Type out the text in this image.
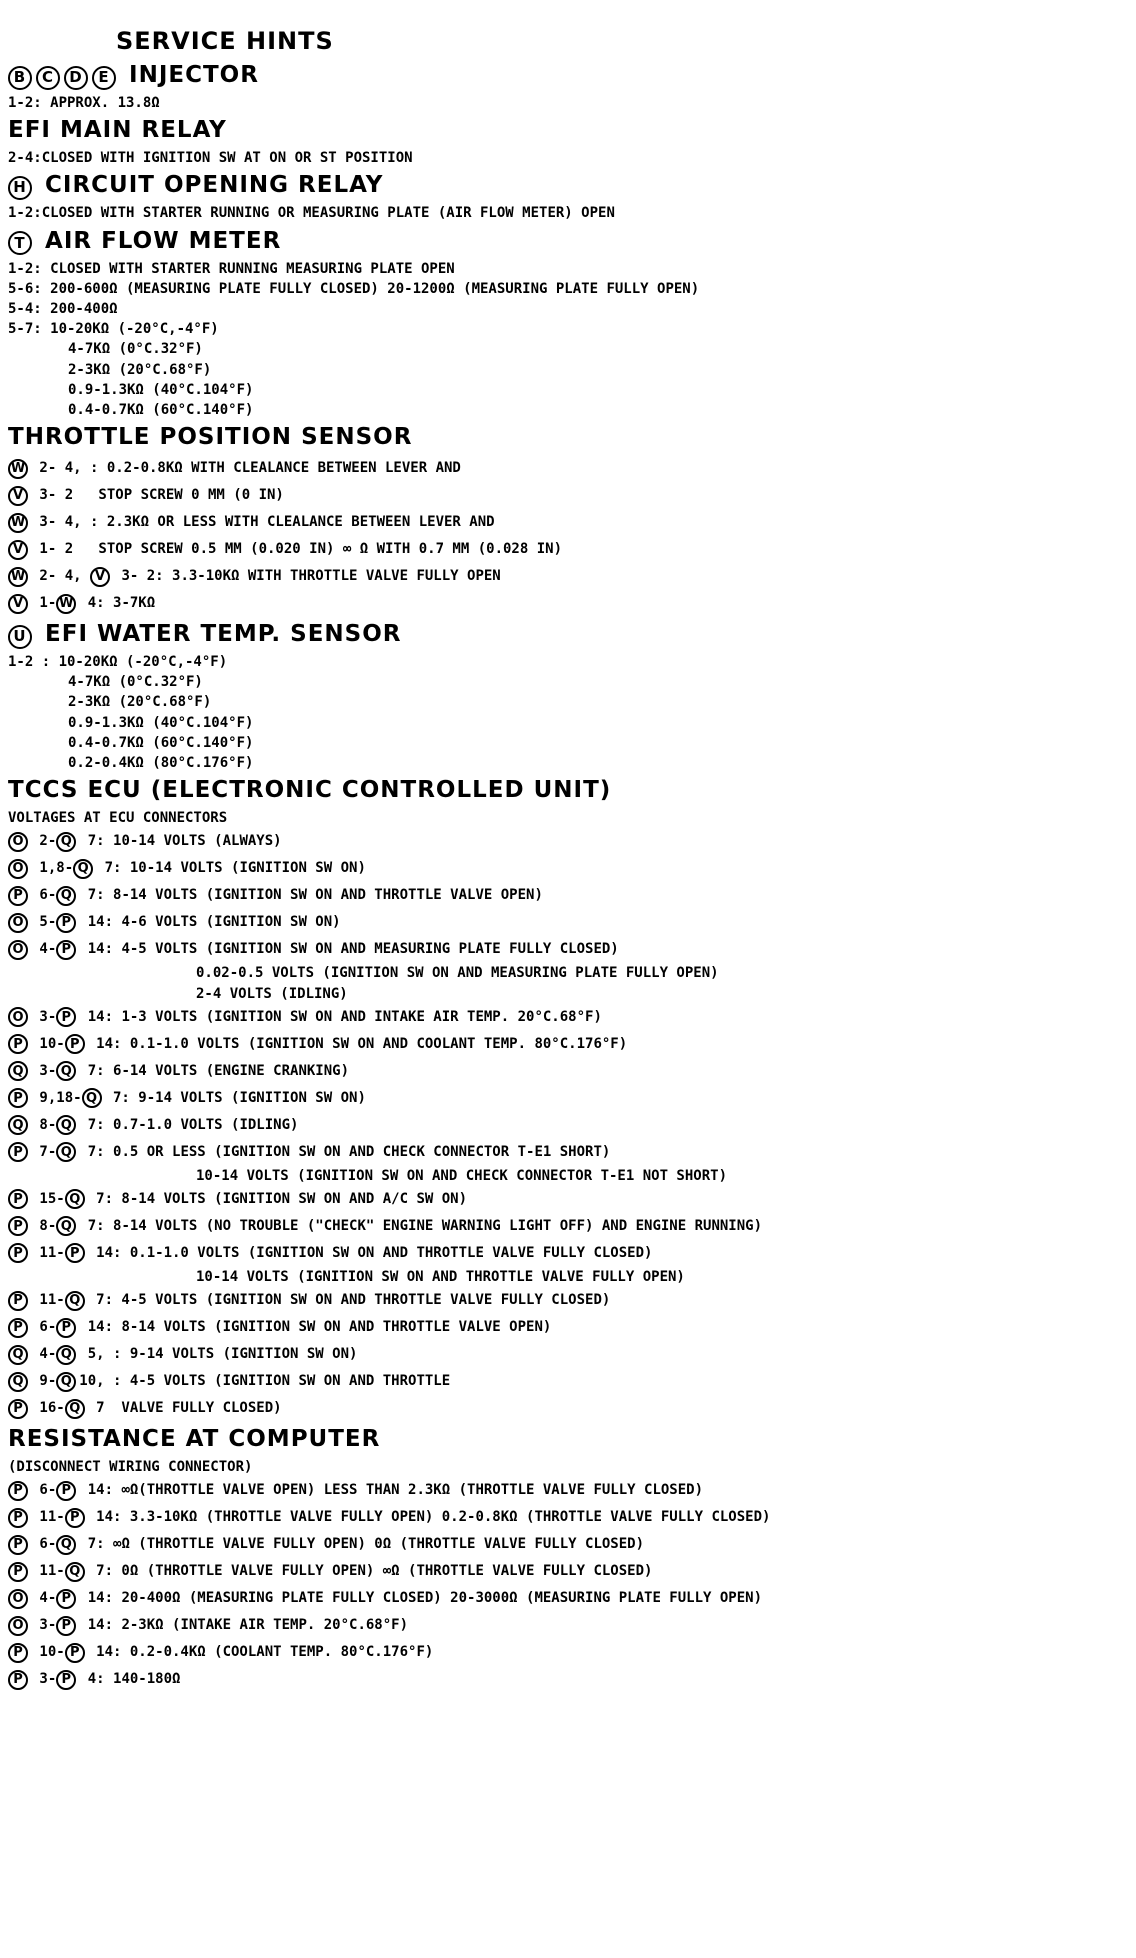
SERVICE HINTS
B C D E INJECTOR
1-2: APPROX. 13.8Ω
EFI MAIN RELAY
2-4:CLOSED WITH IGNITION SW AT ON OR ST POSITION
H CIRCUIT OPENING RELAY
1-2:CLOSED WITH STARTER RUNNING OR MEASURING PLATE (AIR FLOW METER) OPEN
T AIR FLOW METER
1-2: CLOSED WITH STARTER RUNNING MEASURING PLATE OPEN
5-6: 200-600Ω (MEASURING PLATE FULLY CLOSED) 20-1200Ω (MEASURING PLATE FULLY OPEN)
5-4: 200-400Ω
5-7: 10-20KΩ (-20°C,-4°F)
4-7KΩ (0°C.32°F)
2-3KΩ (20°C.68°F)
0.9-1.3KΩ (40°C.104°F)
0.4-0.7KΩ (60°C.140°F)
THROTTLE POSITION SENSOR
W 2- 4, : 0.2-0.8KΩ WITH CLEALANCE BETWEEN LEVER AND
V 3- 2   STOP SCREW 0 MM (0 IN)
W 3- 4, : 2.3KΩ OR LESS WITH CLEALANCE BETWEEN LEVER AND
V 1- 2   STOP SCREW 0.5 MM (0.020 IN) ∞ Ω WITH 0.7 MM (0.028 IN)
W 2- 4, V 3- 2: 3.3-10KΩ WITH THROTTLE VALVE FULLY OPEN
V 1- W 4: 3-7KΩ
U EFI WATER TEMP. SENSOR
1-2 : 10-20KΩ (-20°C,-4°F)
4-7KΩ (0°C.32°F)
2-3KΩ (20°C.68°F)
0.9-1.3KΩ (40°C.104°F)
0.4-0.7KΩ (60°C.140°F)
0.2-0.4KΩ (80°C.176°F)
TCCS ECU (ELECTRONIC CONTROLLED UNIT)
VOLTAGES AT ECU CONNECTORS
O 2- Q 7: 10-14 VOLTS (ALWAYS)
O 1,8- Q 7: 10-14 VOLTS (IGNITION SW ON)
P 6- Q 7: 8-14 VOLTS (IGNITION SW ON AND THROTTLE VALVE OPEN)
O 5- P 14: 4-6 VOLTS (IGNITION SW ON)
O 4- P 14: 4-5 VOLTS (IGNITION SW ON AND MEASURING PLATE FULLY CLOSED)
0.02-0.5 VOLTS (IGNITION SW ON AND MEASURING PLATE FULLY OPEN)
2-4 VOLTS (IDLING)
O 3- P 14: 1-3 VOLTS (IGNITION SW ON AND INTAKE AIR TEMP. 20°C.68°F)
P 10- P 14: 0.1-1.0 VOLTS (IGNITION SW ON AND COOLANT TEMP. 80°C.176°F)
Q 3- Q 7: 6-14 VOLTS (ENGINE CRANKING)
P 9,18- Q 7: 9-14 VOLTS (IGNITION SW ON)
Q 8- Q 7: 0.7-1.0 VOLTS (IDLING)
P 7- Q 7: 0.5 OR LESS (IGNITION SW ON AND CHECK CONNECTOR T-E1 SHORT)
10-14 VOLTS (IGNITION SW ON AND CHECK CONNECTOR T-E1 NOT SHORT)
P 15- Q 7: 8-14 VOLTS (IGNITION SW ON AND A/C SW ON)
P 8- Q 7: 8-14 VOLTS (NO TROUBLE ("CHECK" ENGINE WARNING LIGHT OFF) AND ENGINE RUNNING)
P 11- P 14: 0.1-1.0 VOLTS (IGNITION SW ON AND THROTTLE VALVE FULLY CLOSED)
10-14 VOLTS (IGNITION SW ON AND THROTTLE VALVE FULLY OPEN)
P 11- Q 7: 4-5 VOLTS (IGNITION SW ON AND THROTTLE VALVE FULLY CLOSED)
P 6- P 14: 8-14 VOLTS (IGNITION SW ON AND THROTTLE VALVE OPEN)
Q 4- Q 5, : 9-14 VOLTS (IGNITION SW ON)
Q 9- Q 10, : 4-5 VOLTS (IGNITION SW ON AND THROTTLE
P 16- Q 7  VALVE FULLY CLOSED)
RESISTANCE AT COMPUTER
(DISCONNECT WIRING CONNECTOR)
P 6- P 14: ∞Ω(THROTTLE VALVE OPEN) LESS THAN 2.3KΩ (THROTTLE VALVE FULLY CLOSED)
P 11- P 14: 3.3-10KΩ (THROTTLE VALVE FULLY OPEN) 0.2-0.8KΩ (THROTTLE VALVE FULLY CLOSED)
P 6- Q 7: ∞Ω (THROTTLE VALVE FULLY OPEN) 0Ω (THROTTLE VALVE FULLY CLOSED)
P 11- Q 7: 0Ω (THROTTLE VALVE FULLY OPEN) ∞Ω (THROTTLE VALVE FULLY CLOSED)
O 4- P 14: 20-400Ω (MEASURING PLATE FULLY CLOSED) 20-3000Ω (MEASURING PLATE FULLY OPEN)
O 3- P 14: 2-3KΩ (INTAKE AIR TEMP. 20°C.68°F)
P 10- P 14: 0.2-0.4KΩ (COOLANT TEMP. 80°C.176°F)
P 3- P 4: 140-180Ω
